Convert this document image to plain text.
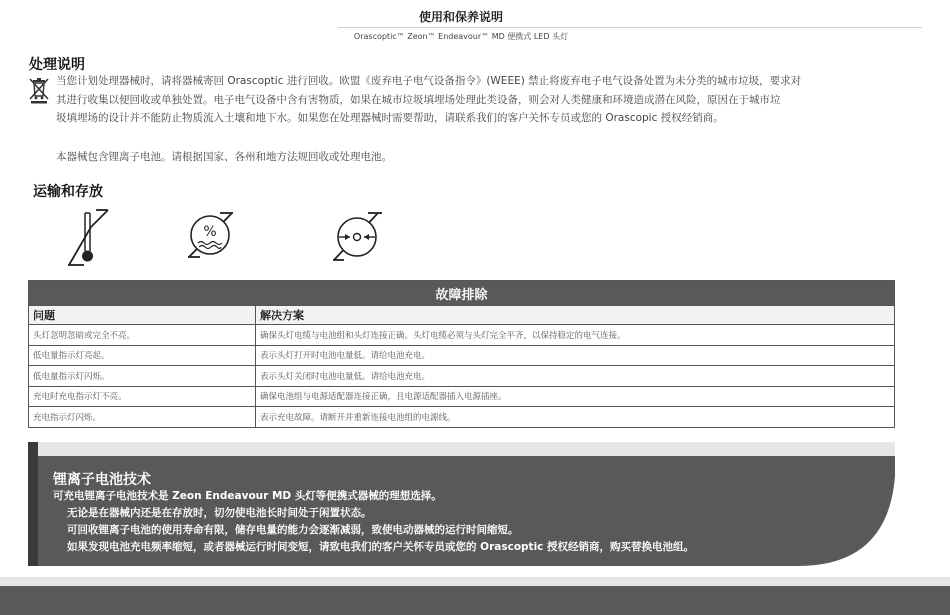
使用和保养说明
Orascoptic™ Zeon™ Endeavour™ MD 便携式 LED 头灯
处理说明
当您计划处理器械时，请将器械寄回 Orascoptic 进行回收。欧盟《废弃电子电气设备指令》(WEEE) 禁止将废弃电子电气设备处置为未分类的城市垃圾，要求对
其进行收集以便回收或单独处置。电子电气设备中含有害物质，如果在城市垃圾填埋场处理此类设备，则会对人类健康和环境造成潜在风险，原因在于城市垃
圾填埋场的设计并不能防止物质流入土壤和地下水。如果您在处理器械时需要帮助，请联系我们的客户关怀专员或您的 Orascopic 授权经销商。
本器械包含锂离子电池。请根据国家、各州和地方法规回收或处理电池。
运输和存放
%
故障排除	
问题	解决方案
头灯忽明忽暗或完全不亮。	确保头灯电缆与电池组和头灯连接正确。头灯电缆必须与头灯完全平齐，以保持稳定的电气连接。
低电量指示灯亮起。	表示头灯打开时电池电量低。请给电池充电。
低电量指示灯闪烁。	表示头灯关闭时电池电量低。请给电池充电。
充电时充电指示灯不亮。	确保电池组与电源适配器连接正确，且电源适配器插入电源插座。
充电指示灯闪烁。	表示充电故障。请断开并重新连接电池组的电源线。
锂离子电池技术
可充电锂离子电池技术是 Zeon Endeavour MD 头灯等便携式器械的理想选择。
无论是在器械内还是在存放时，切勿使电池长时间处于闲置状态。
可回收锂离子电池的使用寿命有限，储存电量的能力会逐渐减弱，致使电动器械的运行时间缩短。
如果发现电池充电频率缩短，或者器械运行时间变短，请致电我们的客户关怀专员或您的 Orascoptic 授权经销商，购买替换电池组。
